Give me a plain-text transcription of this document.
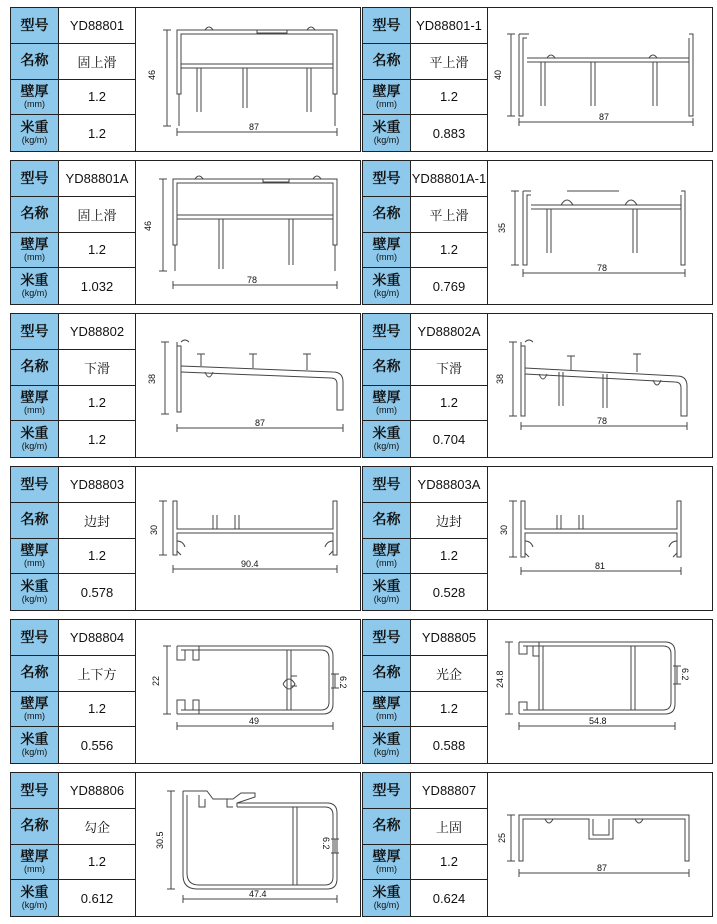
型号	YD88801
名称	固上滑
壁厚
(mm)	1.2
米重
(kg/m)	1.2
46
87
型号	YD88801-1
名称	平上滑
壁厚
(mm)	1.2
米重
(kg/m)	0.883
40
87
型号	YD88801A
名称	固上滑
壁厚
(mm)	1.2
米重
(kg/m)	1.032
46
78
型号 YD88801A-1
名称	平上滑
壁厚
(mm)	1.2
米重
(kg/m)	0.769
35
78
型号	YD88802
名称	下滑
壁厚
(mm)	1.2
米重
(kg/m)	1.2
38
87
型号	YD88802A
名称	下滑
壁厚
(mm)	1.2
米重
(kg/m)	0.704
38
78
型号	YD88803
名称	边封
壁厚
(mm)	1.2
米重
(kg/m)	0.578
30
90.4
型号	YD88803A
名称	边封
壁厚
(mm)	1.2
米重
(kg/m)	0.528
30
81
型号	YD88804
名称	上下方
壁厚
(mm)	1.2
米重
(kg/m)	0.556
22
49
6.2
型号	YD88805
名称	光企
壁厚
(mm)	1.2
米重
(kg/m)	0.588
24.8
54.8
6.2
型号	YD88806
名称	勾企
壁厚
(mm)	1.2
米重
(kg/m)	0.612
30.5
47.4
6.2
型号	YD88807
名称	上固
壁厚
(mm)	1.2
米重
(kg/m)	0.624
25
87
